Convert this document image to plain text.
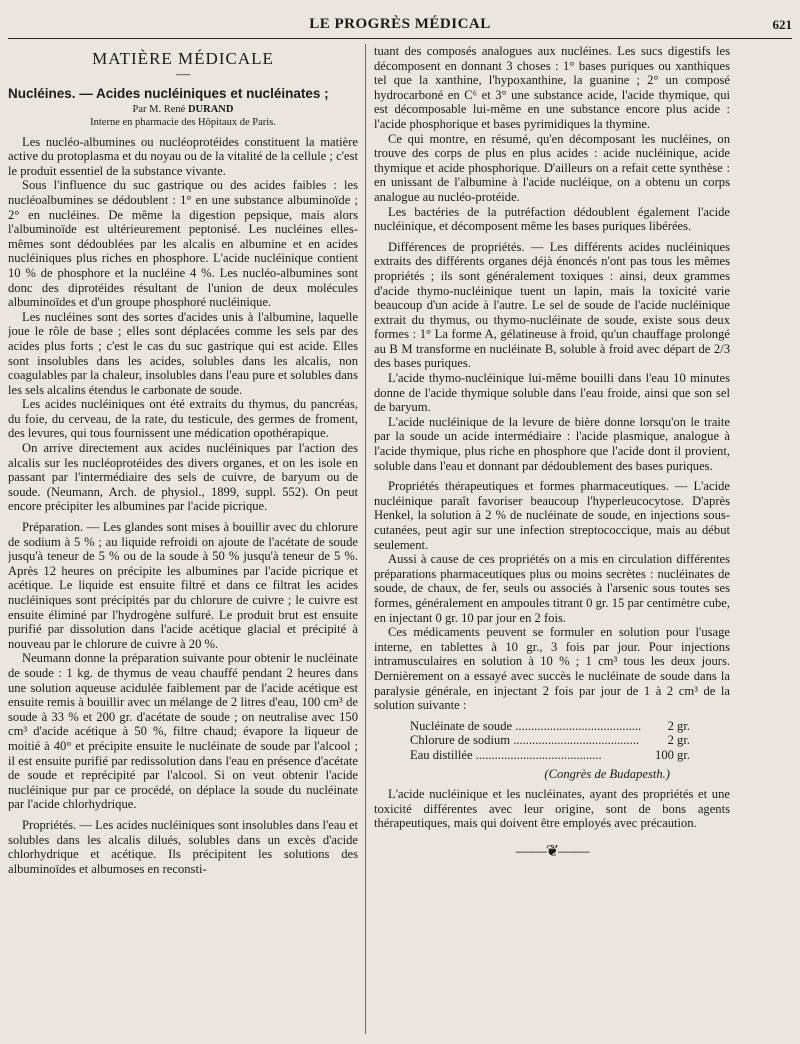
LE PROGRÈS MÉDICAL	621

MATIÈRE MÉDICALE

—

Nucléines. — Acides nucléiniques et nucléinates ;

Par M. René DURAND

Interne en pharmacie des Hôpitaux de Paris.

Les nucléo-albumines ou nucléoprotéides constituent la matière active du protoplasma et du noyau ou de la vitalité de la cellule ; c'est le produit essentiel de la substance vivante.

Sous l'influence du suc gastrique ou des acides faibles : les nucléoalbumines se dédoublent : 1° en une substance albuminoïde ; 2° en nucléines. De même la digestion pepsique, mais alors l'albuminoïde est ultérieurement peptonisé. Les nucléines elles-mêmes sont dédoublées par les alcalis en albumine et en acides nucléiniques plus riches en phosphore. L'acide nucléinique contient 10 % de phosphore et la nucléine 4 %. Les nucléo-albumines sont donc des diprotéides résultant de l'union de deux molécules albuminoïdes et d'un groupe phosphoré nucléinique.

Les nucléines sont des sortes d'acides unis à l'albumine, laquelle joue le rôle de base ; elles sont déplacées comme les sels par des acides plus forts ; c'est le cas du suc gastrique qui est acide. Elles sont insolubles dans les acides, solubles dans les alcalis, non coagulables par la chaleur, insolubles dans l'eau pure et solubles dans les sels alcalins étendus le carbonate de soude.

Les acides nucléiniques ont été extraits du thymus, du pancréas, du foie, du cerveau, de la rate, du testicule, des germes de froment, des levures, qui tous fournissent une médication opothérapique.

On arrive directement aux acides nucléiniques par l'action des alcalis sur les nucléoprotéides des divers organes, et on les isole en passant par l'intermédiaire des sels de cuivre, de baryum ou de soude. (Neumann, Arch. de physiol., 1899, suppl. 552). On peut encore précipiter les albumines par l'acide picrique.

Préparation. — Les glandes sont mises à bouillir avec du chlorure de sodium à 5 % ; au liquide refroidi on ajoute de l'acétate de soude jusqu'à teneur de 5 % ou de la soude à 50 % jusqu'à teneur de 5 %. Après 12 heures on précipite les albumines par l'acide picrique et acétique. Le liquide est ensuite filtré et dans ce filtrat les acides nucléiniques sont précipités par du chlorure de cuivre ; le cuivre est ensuite éliminé par l'hydrogène sulfuré. Le produit brut est ensuite purifié par dissolution dans l'acide acétique glacial et précipité à nouveau par le chlorure de cuivre à 20 %.

Neumann donne la préparation suivante pour obtenir le nucléinate de soude : 1 kg. de thymus de veau chauffé pendant 2 heures dans une solution aqueuse acidulée faiblement par de l'acide acétique est ensuite remis à bouillir avec un mélange de 2 litres d'eau, 100 cm³ de soude à 33 % et 200 gr. d'acétate de soude ; on neutralise avec 150 cm³ d'acide acétique à 50 %, filtre chaud; évapore la liqueur de moitié à 40° et précipite ensuite le nucléinate de soude par l'alcool ; il est ensuite purifié par redissolution dans l'eau en présence d'acétate de soude et reprécipité par l'alcool. Si on veut obtenir l'acide nucléinique pur par ce procédé, on déplace la soude du nucléinate par l'acide chlorhydrique.

Propriétés. — Les acides nucléiniques sont insolubles dans l'eau et solubles dans les alcalis dilués, solubles dans un excès d'acide chlorhydrique et acétique. Ils précipitent les solutions des albuminoïdes et albumoses en reconsti-

tuant des composés analogues aux nucléines. Les sucs digestifs les décomposent en donnant 3 choses : 1° bases puriques ou xanthiques tel que la xanthine, l'hypoxanthine, la guanine ; 2° un composé hydrocarboné en C⁶ et 3° une substance acide, l'acide thymique, qui est décomposable lui-même en une substance encore plus acide : l'acide phosphorique et bases pyrimidiques la thymine.

Ce qui montre, en résumé, qu'en décomposant les nucléines, on trouve des corps de plus en plus acides : acide nucléinique, acide thymique et acide phosphorique. D'ailleurs on a refait cette synthèse : en unissant de l'albumine à l'acide nucléique, on a obtenu un corps analogue au nucléo-protéide.

Les bactéries de la putréfaction dédoublent également l'acide nucléinique, et décomposent même les bases puriques libérées.

Différences de propriétés. — Les différents acides nucléiniques extraits des différents organes déjà énoncés n'ont pas tous les mêmes propriétés ; ils sont généralement toxiques : ainsi, deux grammes d'acide thymo-nucléinique tuent un lapin, mais la toxicité varie beaucoup d'un acide à l'autre. Le sel de soude de l'acide nucléinique extrait du thymus, ou thymo-nucléinate de soude, existe sous deux formes : 1° La forme A, gélatineuse à froid, qu'un chauffage prolongé au B M transforme en nucléinate B, soluble à froid avec départ de 2/3 des bases puriques.

L'acide thymo-nucléinique lui-même bouilli dans l'eau 10 minutes donne de l'acide thymique soluble dans l'eau froide, ainsi que son sel de baryum.

L'acide nucléinique de la levure de bière donne lorsqu'on le traite par la soude un acide intermédiaire : l'acide plasmique, analogue à l'acide thymique, plus riche en phosphore que l'acide dont il provient, soluble dans l'eau et donnant par dédoublement des bases puriques.

Propriétés thérapeutiques et formes pharmaceutiques. — L'acide nucléinique paraît favoriser beaucoup l'hyperleucocytose. D'après Henkel, la solution à 2 % de nucléinate de soude, en injections sous-cutanées, peut agir sur une infection streptococcique, mais au début seulement.

Aussi à cause de ces propriétés on a mis en circulation différentes préparations pharmaceutiques plus ou moins secrètes : nucléinates de soude, de chaux, de fer, seuls ou associés à l'arsenic sous toutes ses formes, généralement en ampoules titrant 0 gr. 15 par centimètre cube, en injectant 0 gr. 10 par jour en 2 fois.

Ces médicaments peuvent se formuler en solution pour l'usage interne, en tablettes à 10 gr., 3 fois par jour. Pour injections intramusculaires en solution à 10 % ; 1 cm³ tous les deux jours. Dernièrement on a essayé avec succès le nucléinate de soude dans la paralysie générale, en injectant 2 fois par jour de 1 à 2 cm³ de la solution suivante :

Nucléinate de soude .....	2 gr.
Chlorure de sodium .....	2 gr.
Eau distillée .....	100 gr.

(Congrès de Budapesth.)

L'acide nucléinique et les nucléinates, ayant des propriétés et une toxicité différentes avec leur origine, sont de bons agents thérapeutiques, mais qui doivent être employés avec précaution.

——❦——
